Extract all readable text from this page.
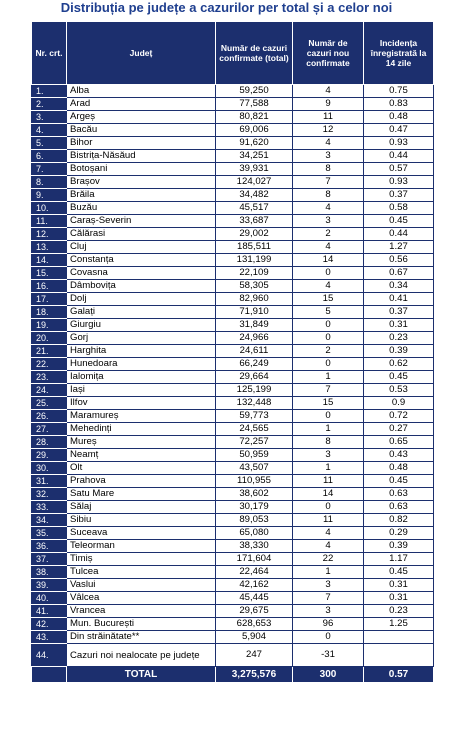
Distribuția pe județe a cazurilor per total și a celor noi
Nr. crt.	Județ	Număr de cazuri confirmate (total)	Număr de cazuri nou confirmate	Incidența înregistrată la 14 zile
1.	Alba	59,250	4	0.75
2.	Arad	77,588	9	0.83
3.	Argeș	80,821	11	0.48
4.	Bacău	69,006	12	0.47
5.	Bihor	91,620	4	0.93
6.	Bistrița-Năsăud	34,251	3	0.44
7.	Botoșani	39,931	8	0.57
8.	Brașov	124,027	7	0.93
9.	Brăila	34,482	8	0.37
10.	Buzău	45,517	4	0.58
11.	Caraș-Severin	33,687	3	0.45
12.	Călărasi	29,002	2	0.44
13.	Cluj	185,511	4	1.27
14.	Constanța	131,199	14	0.56
15.	Covasna	22,109	0	0.67
16.	Dâmbovița	58,305	4	0.34
17.	Dolj	82,960	15	0.41
18.	Galați	71,910	5	0.37
19.	Giurgiu	31,849	0	0.31
20.	Gorj	24,966	0	0.23
21.	Harghita	24,611	2	0.39
22.	Hunedoara	66,249	0	0.62
23.	Ialomița	29,664	1	0.45
24.	Iași	125,199	7	0.53
25.	Ilfov	132,448	15	0.9
26.	Maramureș	59,773	0	0.72
27.	Mehedinți	24,565	1	0.27
28.	Mureș	72,257	8	0.65
29.	Neamț	50,959	3	0.43
30.	Olt	43,507	1	0.48
31.	Prahova	110,955	11	0.45
32.	Satu Mare	38,602	14	0.63
33.	Sălaj	30,179	0	0.63
34.	Sibiu	89,053	11	0.82
35.	Suceava	65,080	4	0.29
36.	Teleorman	38,330	4	0.39
37.	Timiș	171,604	22	1.17
38.	Tulcea	22,464	1	0.45
39.	Vaslui	42,162	3	0.31
40.	Vâlcea	45,445	7	0.31
41.	Vrancea	29,675	3	0.23
42.	Mun. București	628,653	96	1.25
43.	Din străinătate**	5,904	0	
44.	Cazuri noi nealocate pe județe	247	-31	
	TOTAL	3,275,576	300	0.57
